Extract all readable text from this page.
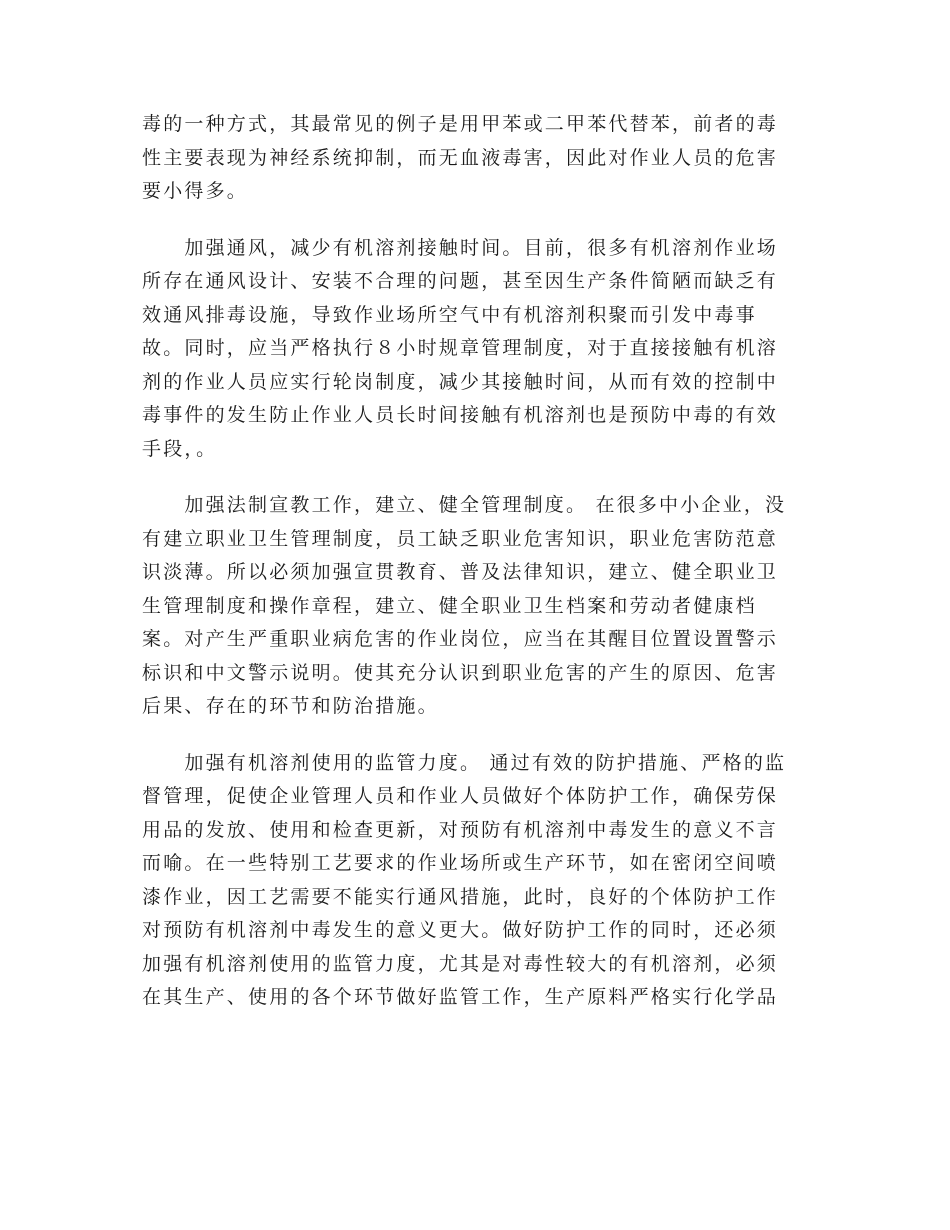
毒的一种方式，其最常见的例子是用甲苯或二甲苯代替苯，前者的毒
性主要表现为神经系统抑制，而无血液毒害，因此对作业人员的危害
要小得多。

　　加强通风，减少有机溶剂接触时间。目前，很多有机溶剂作业场
所存在通风设计、安装不合理的问题，甚至因生产条件简陋而缺乏有
效通风排毒设施，导致作业场所空气中有机溶剂积聚而引发中毒事
故。同时，应当严格执行８小时规章管理制度，对于直接接触有机溶
剂的作业人员应实行轮岗制度，减少其接触时间，从而有效的控制中
毒事件的发生防止作业人员长时间接触有机溶剂也是预防中毒的有效
手段，。

　　加强法制宣教工作，建立、健全管理制度。 在很多中小企业，没
有建立职业卫生管理制度，员工缺乏职业危害知识，职业危害防范意
识淡薄。所以必须加强宣贯教育、普及法律知识，建立、健全职业卫
生管理制度和操作章程，建立、健全职业卫生档案和劳动者健康档
案。对产生严重职业病危害的作业岗位，应当在其醒目位置设置警示
标识和中文警示说明。使其充分认识到职业危害的产生的原因、危害
后果、存在的环节和防治措施。

　　加强有机溶剂使用的监管力度。 通过有效的防护措施、严格的监
督管理，促使企业管理人员和作业人员做好个体防护工作，确保劳保
用品的发放、使用和检查更新，对预防有机溶剂中毒发生的意义不言
而喻。在一些特别工艺要求的作业场所或生产环节，如在密闭空间喷
漆作业，因工艺需要不能实行通风措施，此时，良好的个体防护工作
对预防有机溶剂中毒发生的意义更大。做好防护工作的同时，还必须
加强有机溶剂使用的监管力度，尤其是对毒性较大的有机溶剂，必须
在其生产、使用的各个环节做好监管工作，生产原料严格实行化学品
